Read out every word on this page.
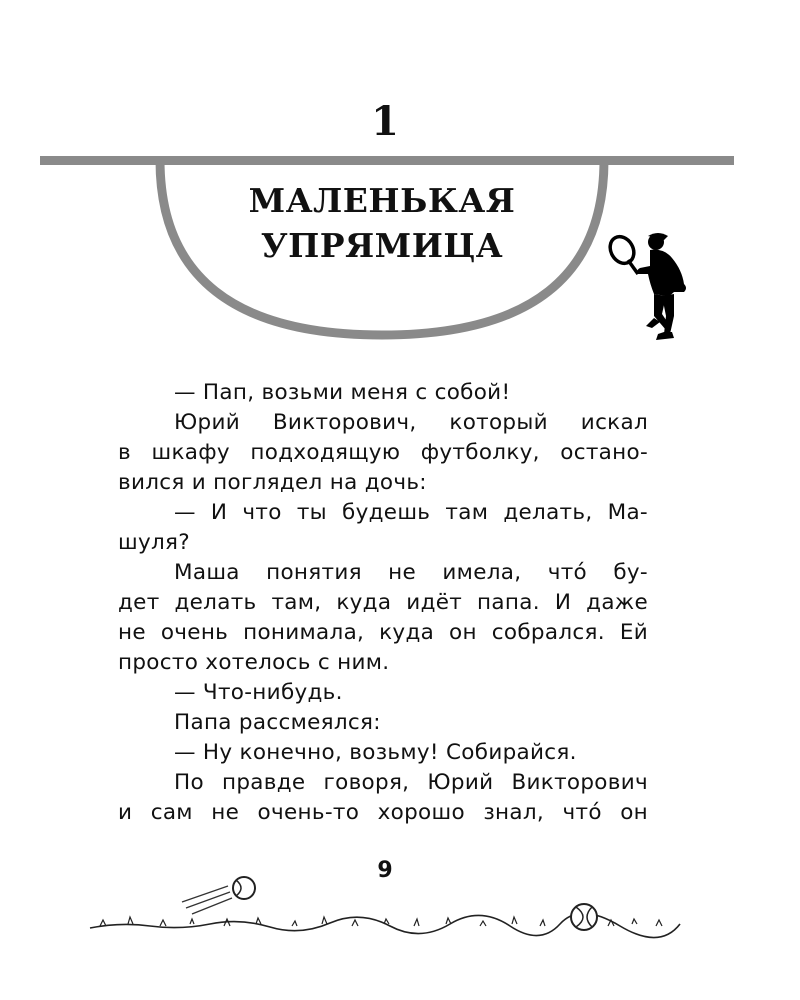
1
МАЛЕНЬКАЯ
УПРЯМИЦА
— Пап, возьми меня с собой!
Юрий Викторович, который искал
в шкафу подходящую футболку, остано-
вился и поглядел на дочь:
— И что ты будешь там делать, Ма-
шуля?
Маша понятия не имела, чтó бу-
дет делать там, куда идёт папа. И даже
не очень понимала, куда он собрался. Ей
просто хотелось с ним.
— Что-нибудь.
Папа рассмеялся:
— Ну конечно, возьму! Собирайся.
По правде говоря, Юрий Викторович
и сам не очень-то хорошо знал, чтó он
9
